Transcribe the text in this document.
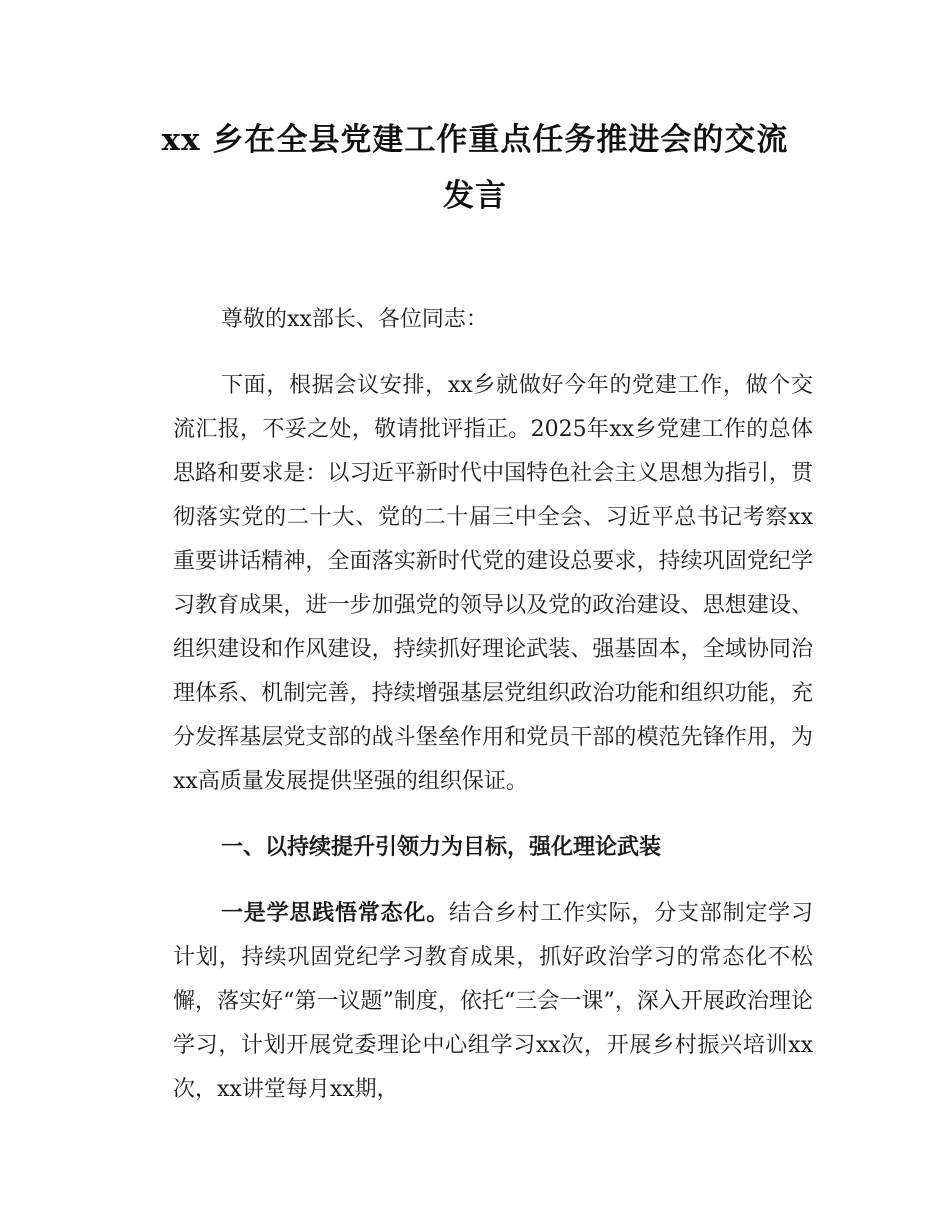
xx 乡在全县党建工作重点任务推进会的交流
发言

尊敬的xx部长、各位同志：

下面，根据会议安排，xx乡就做好今年的党建工作，做个交流汇报，不妥之处，敬请批评指正。2025年xx乡党建工作的总体思路和要求是：以习近平新时代中国特色社会主义思想为指引，贯彻落实党的二十大、党的二十届三中全会、习近平总书记考察xx重要讲话精神，全面落实新时代党的建设总要求，持续巩固党纪学习教育成果，进一步加强党的领导以及党的政治建设、思想建设、组织建设和作风建设，持续抓好理论武装、强基固本，全域协同治理体系、机制完善，持续增强基层党组织政治功能和组织功能，充分发挥基层党支部的战斗堡垒作用和党员干部的模范先锋作用，为xx高质量发展提供坚强的组织保证。

一、以持续提升引领力为目标，强化理论武装

一是学思践悟常态化。结合乡村工作实际，分支部制定学习计划，持续巩固党纪学习教育成果，抓好政治学习的常态化不松懈，落实好“第一议题”制度，依托“三会一课”，深入开展政治理论学习，计划开展党委理论中心组学习xx次，开展乡村振兴培训xx次，xx讲堂每月xx期，
